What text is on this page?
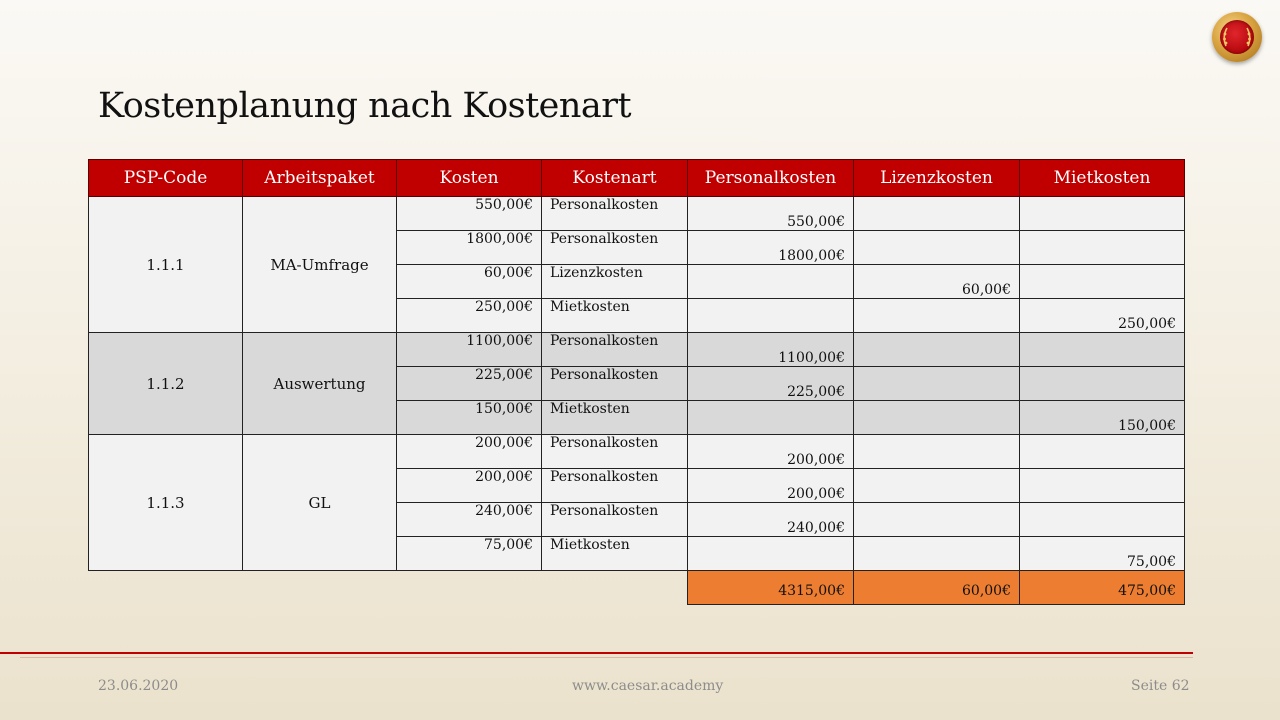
Kostenplanung nach Kostenart
PSP-Code	Arbeitspaket	Kosten	Kostenart	Personalkosten	Lizenzkosten	Mietkosten
1.1.1	MA-Umfrage	550,00€	Personalkosten	550,00€		
		1800,00€	Personalkosten	1800,00€		
		60,00€	Lizenzkosten		60,00€	
		250,00€	Mietkosten			250,00€
1.1.2	Auswertung	1100,00€	Personalkosten	1100,00€		
		225,00€	Personalkosten	225,00€		
		150,00€	Mietkosten			150,00€
1.1.3	GL	200,00€	Personalkosten	200,00€		
		200,00€	Personalkosten	200,00€		
		240,00€	Personalkosten	240,00€		
		75,00€	Mietkosten			75,00€
				4315,00€	60,00€	475,00€
23.06.2020	www.caesar.academy	Seite 62
